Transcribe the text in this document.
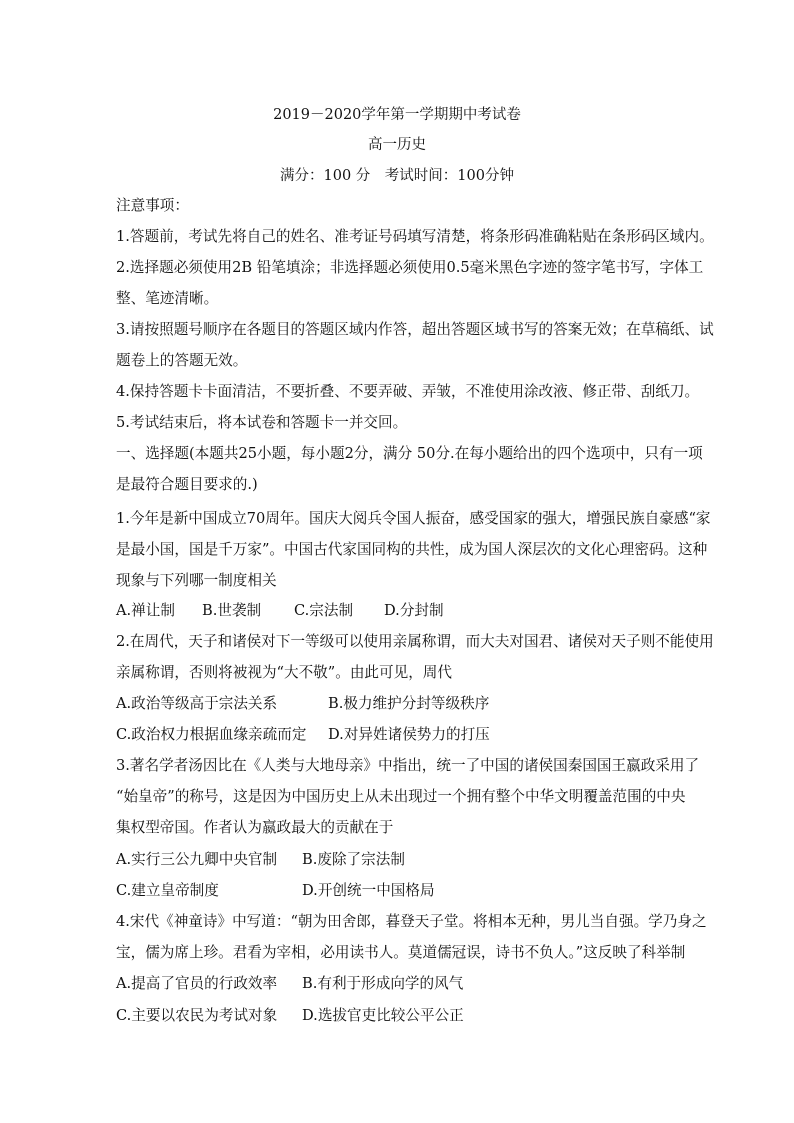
2019－2020学年第一学期期中考试卷
高一历史
满分：100 分　考试时间：100分钟
注意事项：
1.答题前，考试先将自己的姓名、准考证号码填写清楚，将条形码准确粘贴在条形码区域内。
2.选择题必须使用2B 铅笔填涂；非选择题必须使用0.5毫米黑色字迹的签字笔书写，字体工
整、笔迹清晰。
3.请按照题号顺序在各题目的答题区域内作答，超出答题区域书写的答案无效；在草稿纸、试
题卷上的答题无效。
4.保持答题卡卡面清洁，不要折叠、不要弄破、弄皱，不准使用涂改液、修正带、刮纸刀。
5.考试结束后，将本试卷和答题卡一并交回。
一、选择题(本题共25小题，每小题2分，满分 50分.在每小题给出的四个选项中，只有一项
是最符合题目要求的.)
1.今年是新中国成立70周年。国庆大阅兵令国人振奋，感受国家的强大，增强民族自豪感“家
是最小国，国是千万家”。中国古代家国同构的共性，成为国人深层次的文化心理密码。这种
现象与下列哪一制度相关
A.禅让制 B.世袭制 C.宗法制 D.分封制
2.在周代，天子和诸侯对下一等级可以使用亲属称谓，而大夫对国君、诸侯对天子则不能使用
亲属称谓，否则将被视为“大不敬”。由此可见，周代
A.政治等级高于宗法关系	B.极力维护分封等级秩序
C.政治权力根据血缘亲疏而定 D.对异姓诸侯势力的打压
3.著名学者汤因比在《人类与大地母亲》中指出，统一了中国的诸侯国秦国国王嬴政采用了
“始皇帝”的称号，这是因为中国历史上从未出现过一个拥有整个中华文明覆盖范围的中央
集权型帝国。作者认为嬴政最大的贡献在于
A.实行三公九卿中央官制 B.废除了宗法制
C.建立皇帝制度	D.开创统一中国格局
4.宋代《神童诗》中写道：“朝为田舍郎，暮登天子堂。将相本无种，男儿当自强。学乃身之
宝，儒为席上珍。君看为宰相，必用读书人。莫道儒冠误，诗书不负人。”这反映了科举制
A.提高了官员的行政效率 B.有利于形成向学的风气
C.主要以农民为考试对象 D.选拔官吏比较公平公正
